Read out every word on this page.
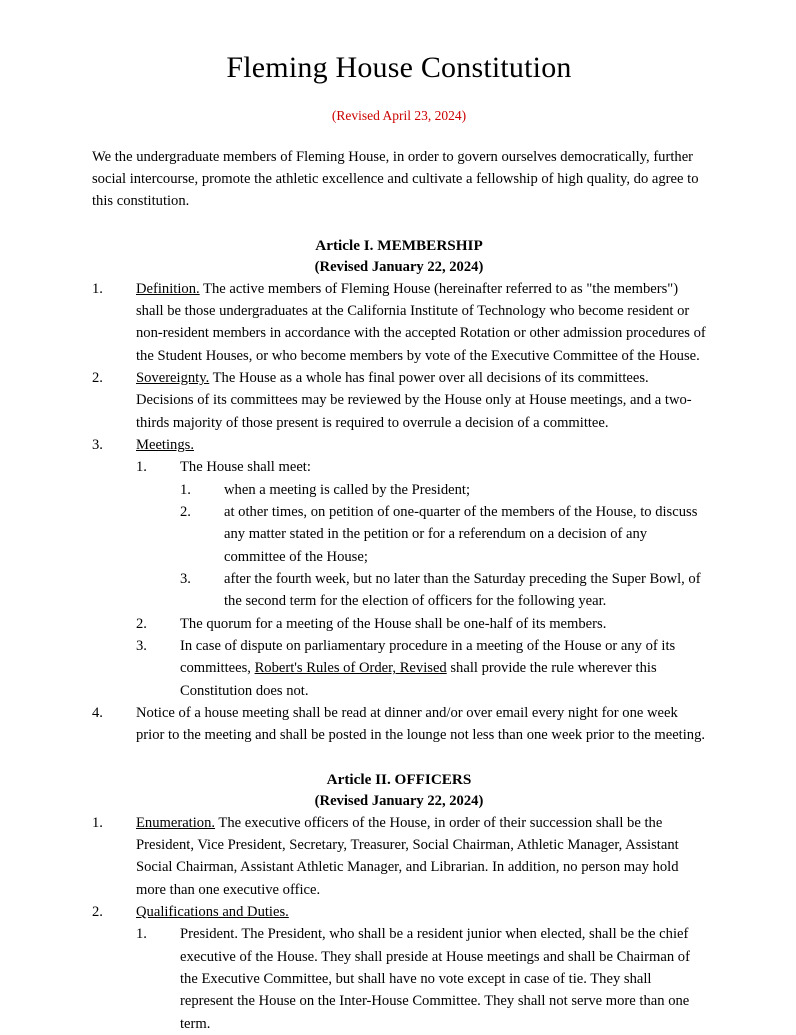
Fleming House Constitution
(Revised April 23, 2024)

We the undergraduate members of Fleming House, in order to govern ourselves democratically, further social intercourse, promote the athletic excellence and cultivate a fellowship of high quality, do agree to this constitution.

Article I. MEMBERSHIP
(Revised January 22, 2024)
1.	Definition. The active members of Fleming House (hereinafter referred to as "the members") shall be those undergraduates at the California Institute of Technology who become resident or non-resident members in accordance with the accepted Rotation or other admission procedures of the Student Houses, or who become members by vote of the Executive Committee of the House.
2.	Sovereignty. The House as a whole has final power over all decisions of its committees. Decisions of its committees may be reviewed by the House only at House meetings, and a two-thirds majority of those present is required to overrule a decision of a committee.
3.	Meetings.
1.	The House shall meet:
1.	when a meeting is called by the President;
2.	at other times, on petition of one-quarter of the members of the House, to discuss any matter stated in the petition or for a referendum on a decision of any committee of the House;
3.	after the fourth week, but no later than the Saturday preceding the Super Bowl, of the second term for the election of officers for the following year.
2.	The quorum for a meeting of the House shall be one-half of its members.
3.	In case of dispute on parliamentary procedure in a meeting of the House or any of its committees, Robert's Rules of Order, Revised shall provide the rule wherever this Constitution does not.
4.	Notice of a house meeting shall be read at dinner and/or over email every night for one week prior to the meeting and shall be posted in the lounge not less than one week prior to the meeting.
Article II. OFFICERS
(Revised January 22, 2024)
1.	Enumeration. The executive officers of the House, in order of their succession shall be the President, Vice President, Secretary, Treasurer, Social Chairman, Athletic Manager, Assistant Social Chairman, Assistant Athletic Manager, and Librarian. In addition, no person may hold more than one executive office.
2.	Qualifications and Duties.
1.	President. The President, who shall be a resident junior when elected, shall be the chief executive of the House. They shall preside at House meetings and shall be Chairman of the Executive Committee, but shall have no vote except in case of tie. They shall represent the House on the Inter-House Committee. They shall not serve more than one term.
